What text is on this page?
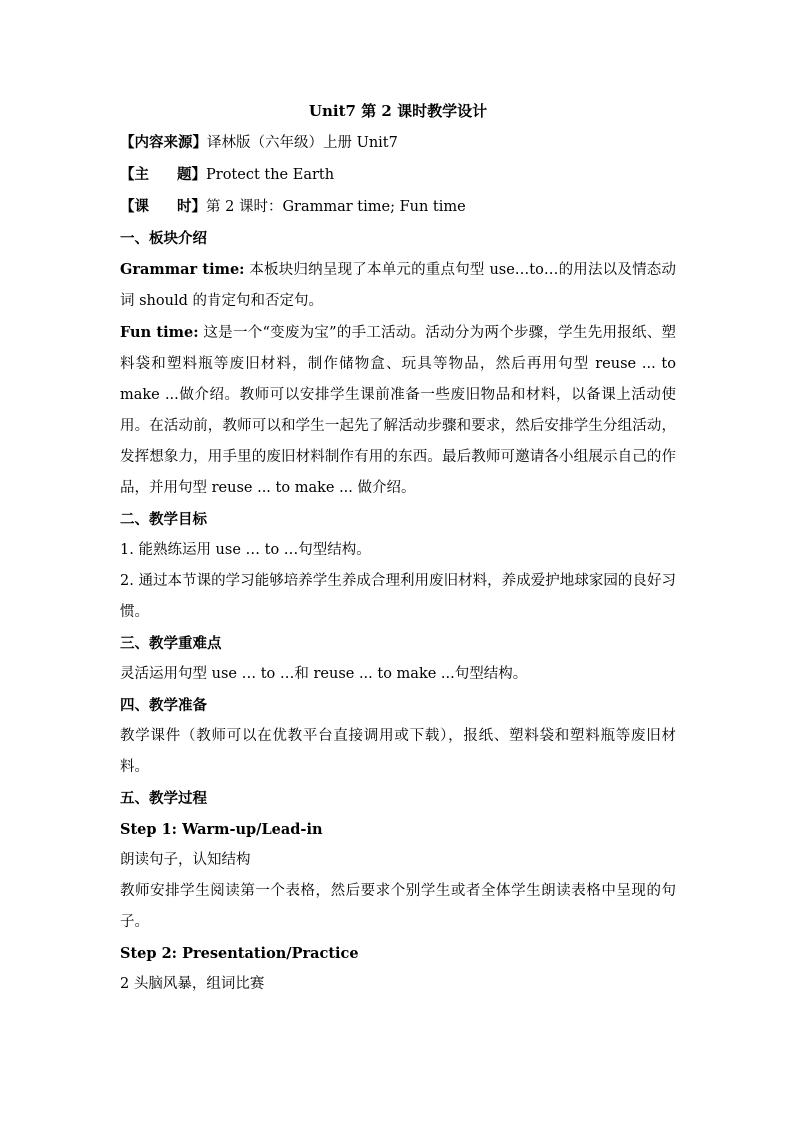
Unit7 第 2 课时教学设计

【内容来源】译林版（六年级）上册 Unit7

【主 题】Protect the Earth

【课 时】第 2 课时：Grammar time; Fun time

一、板块介绍

Grammar time: 本板块归纳呈现了本单元的重点句型 use…to…的用法以及情态动词 should 的肯定句和否定句。

Fun time: 这是一个“变废为宝”的手工活动。活动分为两个步骤，学生先用报纸、塑料袋和塑料瓶等废旧材料，制作储物盒、玩具等物品，然后再用句型 reuse ... to make ...做介绍。教师可以安排学生课前准备一些废旧物品和材料，以备课上活动使用。在活动前，教师可以和学生一起先了解活动步骤和要求，然后安排学生分组活动，发挥想象力，用手里的废旧材料制作有用的东西。最后教师可邀请各小组展示自己的作品，并用句型 reuse ... to make ... 做介绍。

二、教学目标

1. 能熟练运用 use … to …句型结构。

2. 通过本节课的学习能够培养学生养成合理利用废旧材料，养成爱护地球家园的良好习惯。

三、教学重难点

灵活运用句型 use … to …和 reuse ... to make ...句型结构。

四、教学准备

教学课件（教师可以在优教平台直接调用或下载），报纸、塑料袋和塑料瓶等废旧材料。

五、教学过程

Step 1: Warm-up/Lead-in

朗读句子，认知结构

教师安排学生阅读第一个表格，然后要求个别学生或者全体学生朗读表格中呈现的句子。

Step 2: Presentation/Practice

2 头脑风暴，组词比赛
